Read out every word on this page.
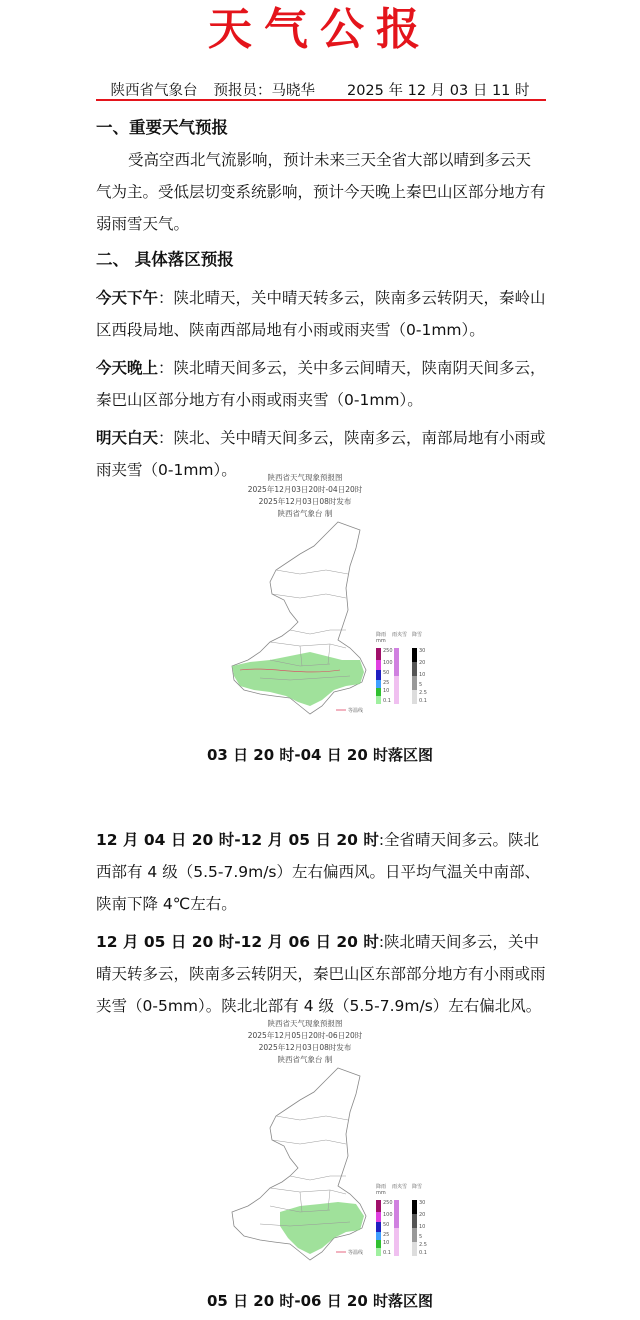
天气公报
陕西省气象台 预报员：马晓华 2025 年 12 月 03 日 11 时
一、重要天气预报
受高空西北气流影响，预计未来三天全省大部以晴到多云天气为主。受低层切变系统影响，预计今天晚上秦巴山区部分地方有弱雨雪天气。
二、 具体落区预报
今天下午：陕北晴天，关中晴天转多云，陕南多云转阴天，秦岭山区西段局地、陕南西部局地有小雨或雨夹雪（0-1mm）。
今天晚上：陕北晴天间多云，关中多云间晴天，陕南阴天间多云，秦巴山区部分地方有小雨或雨夹雪（0-1mm）。
明天白天：陕北、关中晴天间多云，陕南多云，南部局地有小雨或雨夹雪（0-1mm）。	陕西省天气现象预报图
2025年12月03日20时-04日20时
2025年12月03日08时发布
陕西省气象台 制
降雨 雨夹雪 降雪
mm
250
100
50
25
10
0.1
30
20
10
5
2.5
0.1
等温线
03 日 20 时-04 日 20 时落区图
12 月 04 日 20 时-12 月 05 日 20 时:全省晴天间多云。陕北西部有 4 级（5.5-7.9m/s）左右偏西风。日平均气温关中南部、陕南下降 4℃左右。
12 月 05 日 20 时-12 月 06 日 20 时:陕北晴天间多云，关中晴天转多云，陕南多云转阴天，秦巴山区东部部分地方有小雨或雨夹雪（0-5mm）。陕北北部有 4 级（5.5-7.9m/s）左右偏北风。
陕西省天气现象预报图
2025年12月05日20时-06日20时
2025年12月03日08时发布
陕西省气象台 制
降雨 雨夹雪 降雪
mm
250
100
50
25
10
0.1
30
20
10
5
2.5
0.1
等温线
05 日 20 时-06 日 20 时落区图
